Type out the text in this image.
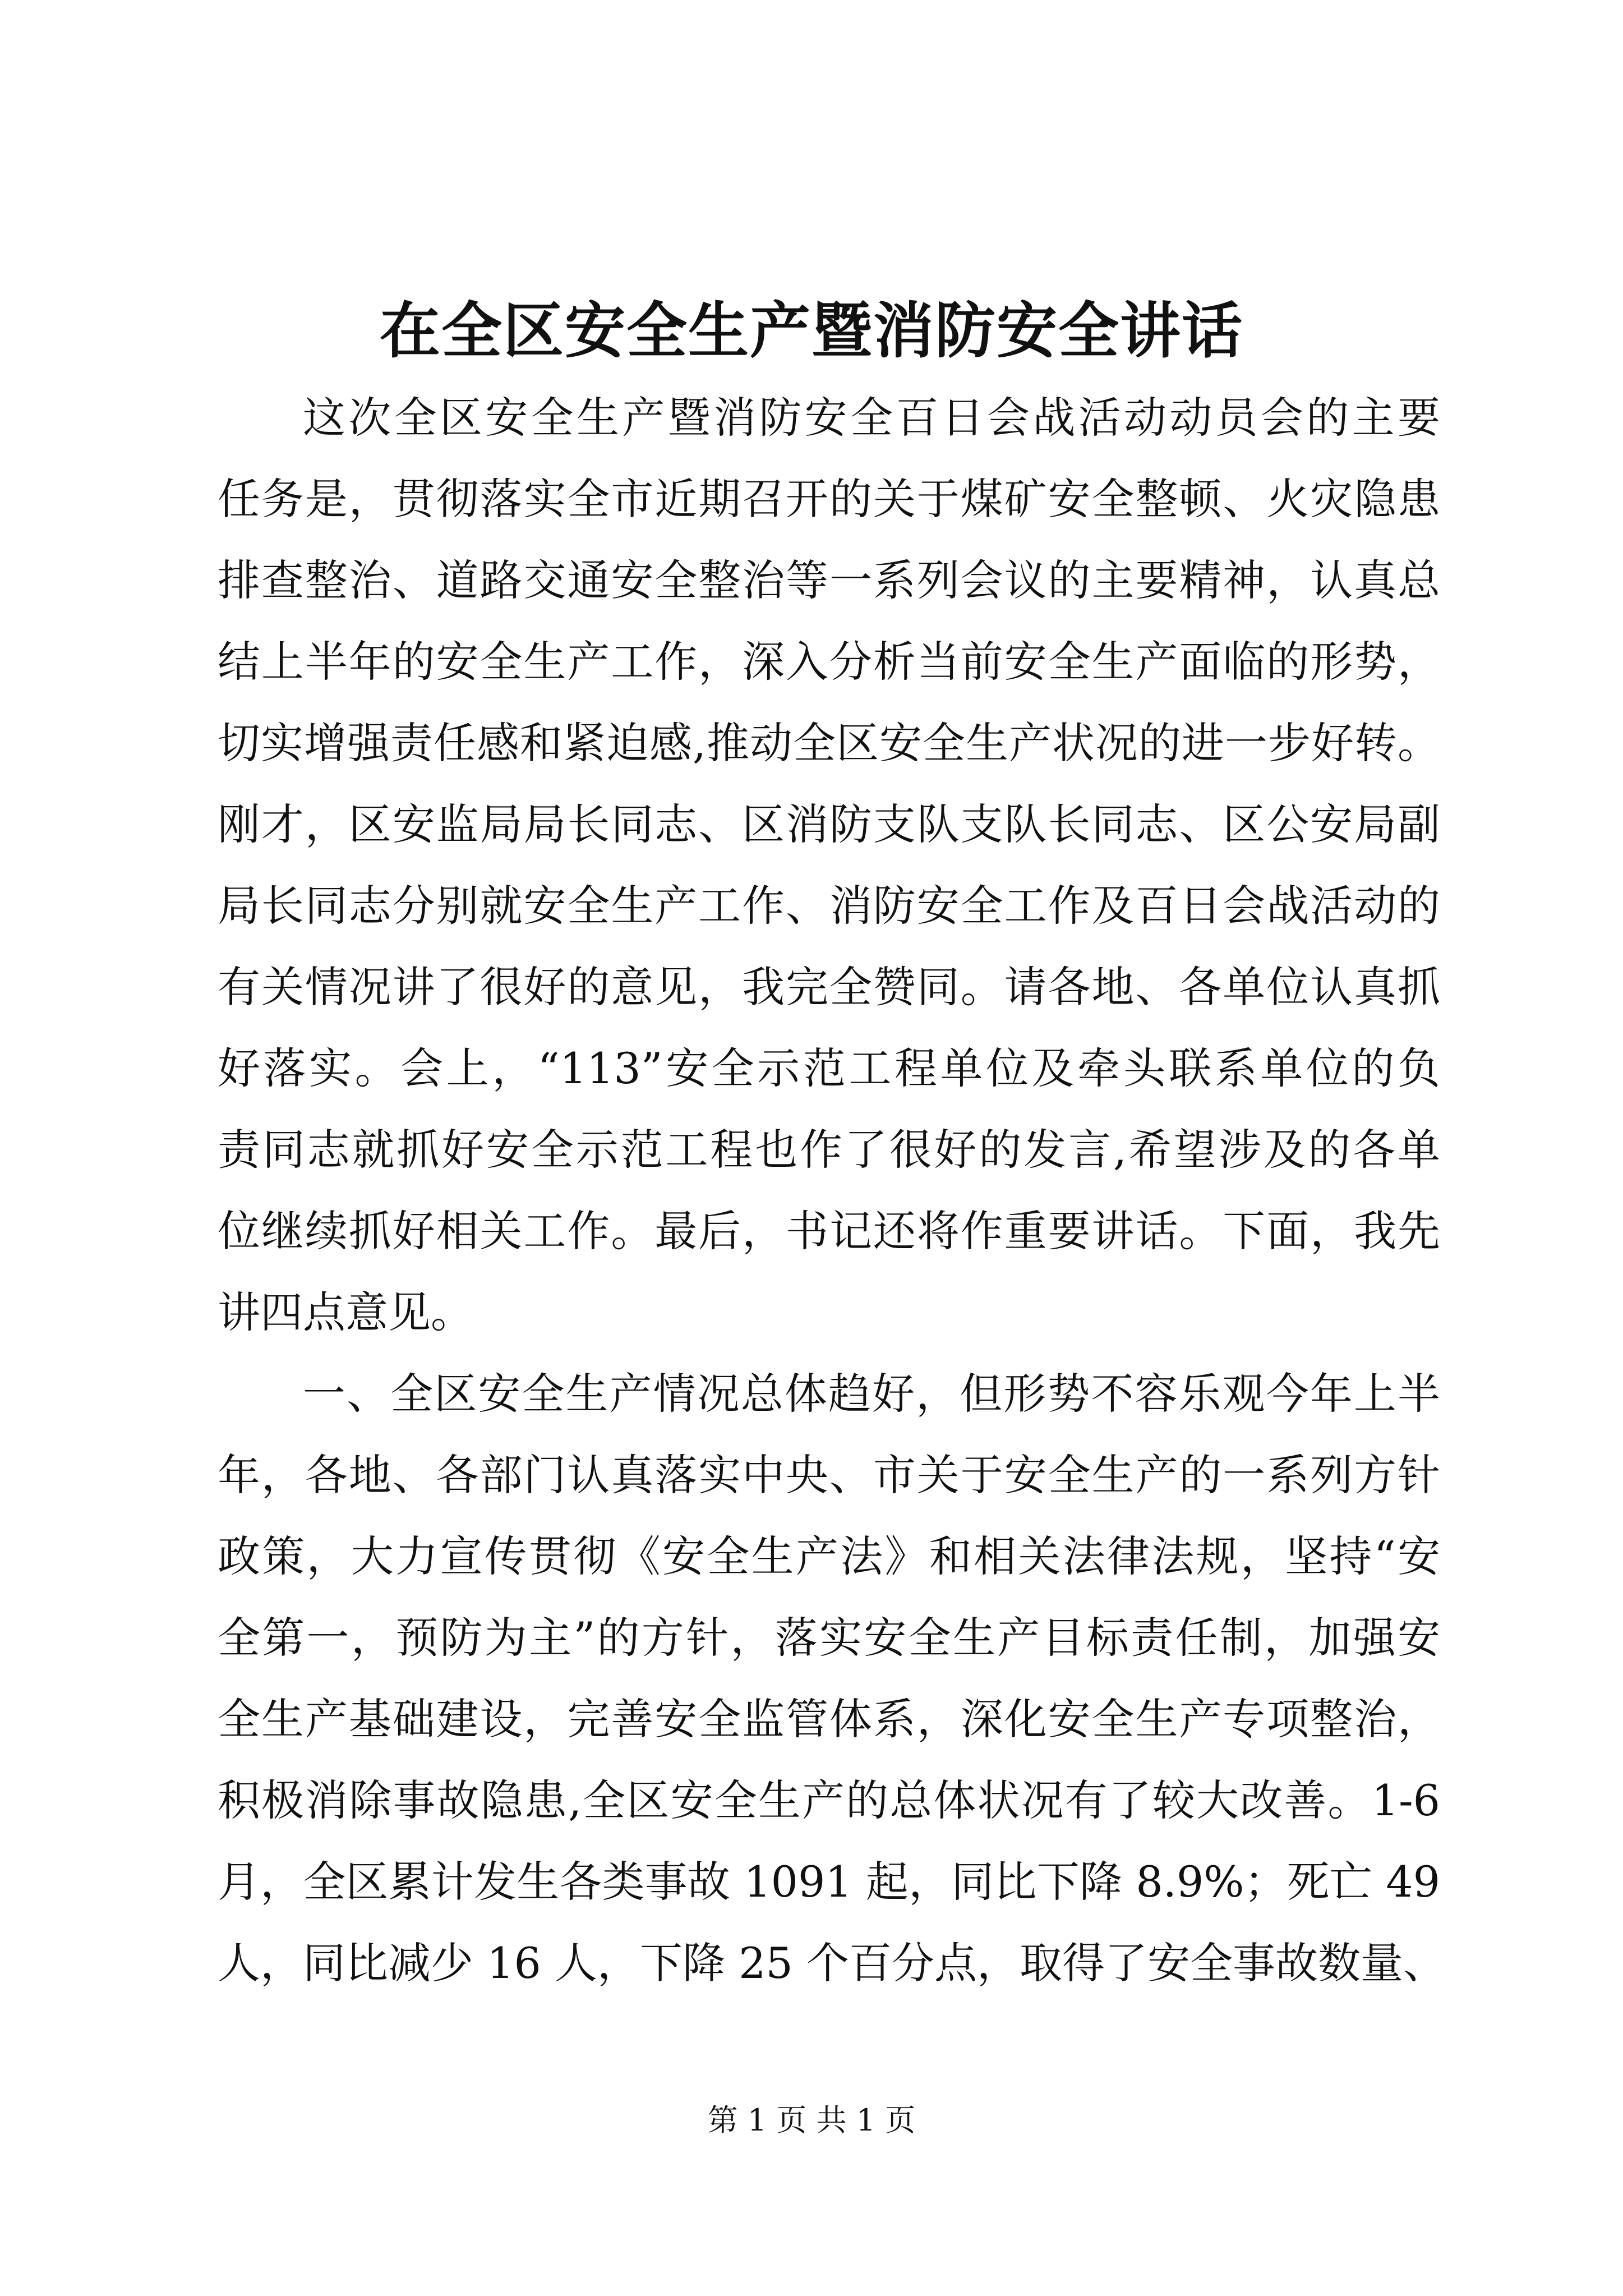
在全区安全生产暨消防安全讲话
这次全区安全生产暨消防安全百日会战活动动员会的主要
任务是，贯彻落实全市近期召开的关于煤矿安全整顿、火灾隐患
排查整治、道路交通安全整治等一系列会议的主要精神，认真总
结上半年的安全生产工作，深入分析当前安全生产面临的形势，
切实增强责任感和紧迫感,推动全区安全生产状况的进一步好转。
刚才，区安监局局长同志、区消防支队支队长同志、区公安局副
局长同志分别就安全生产工作、消防安全工作及百日会战活动的
有关情况讲了很好的意见，我完全赞同。请各地、各单位认真抓
好落实。会上，“113”安全示范工程单位及牵头联系单位的负
责同志就抓好安全示范工程也作了很好的发言,希望涉及的各单
位继续抓好相关工作。最后，书记还将作重要讲话。下面，我先
讲四点意见。
一、全区安全生产情况总体趋好，但形势不容乐观今年上半
年，各地、各部门认真落实中央、市关于安全生产的一系列方针
政策，大力宣传贯彻《安全生产法》和相关法律法规，坚持“安
全第一，预防为主”的方针，落实安全生产目标责任制，加强安
全生产基础建设，完善安全监管体系，深化安全生产专项整治，
积极消除事故隐患,全区安全生产的总体状况有了较大改善。1-6
月，全区累计发生各类事故 1091 起，同比下降 8.9%；死亡 49
人，同比减少 16 人，下降 25 个百分点，取得了安全事故数量、
第 1 页 共 1 页
